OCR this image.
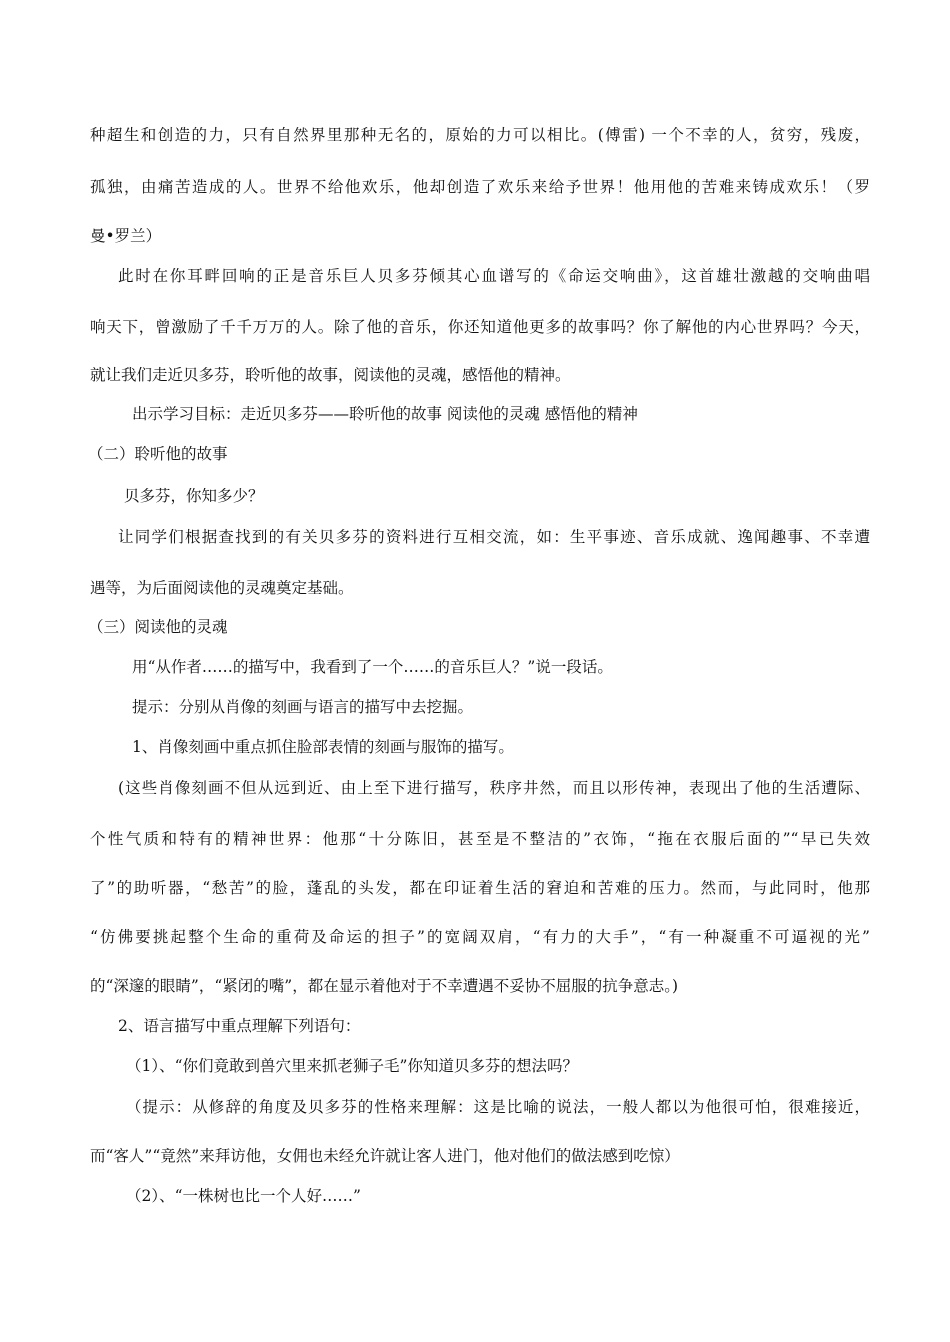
种超生和创造的力，只有自然界里那种无名的，原始的力可以相比。(傅雷) 一个不幸的人，贫穷，残废，
孤独，由痛苦造成的人。世界不给他欢乐，他却创造了欢乐来给予世界！他用他的苦难来铸成欢乐！（罗
曼•罗兰）
此时在你耳畔回响的正是音乐巨人贝多芬倾其心血谱写的《命运交响曲》，这首雄壮激越的交响曲唱
响天下，曾激励了千千万万的人。除了他的音乐，你还知道他更多的故事吗？你了解他的内心世界吗？今天，
就让我们走近贝多芬，聆听他的故事，阅读他的灵魂，感悟他的精神。
出示学习目标：走近贝多芬——聆听他的故事 阅读他的灵魂 感悟他的精神
（二）聆听他的故事
贝多芬，你知多少？
让同学们根据查找到的有关贝多芬的资料进行互相交流，如：生平事迹、音乐成就、逸闻趣事、不幸遭
遇等，为后面阅读他的灵魂奠定基础。
（三）阅读他的灵魂
用“从作者……的描写中，我看到了一个……的音乐巨人？”说一段话。
提示：分别从肖像的刻画与语言的描写中去挖掘。
1、肖像刻画中重点抓住脸部表情的刻画与服饰的描写。
(这些肖像刻画不但从远到近、由上至下进行描写，秩序井然，而且以形传神，表现出了他的生活遭际、
个性气质和特有的精神世界：他那“十分陈旧，甚至是不整洁的”衣饰，“拖在衣服后面的”“早已失效
了”的助听器，“愁苦”的脸，蓬乱的头发，都在印证着生活的窘迫和苦难的压力。然而，与此同时，他那
“仿佛要挑起整个生命的重荷及命运的担子”的宽阔双肩，“有力的大手”，“有一种凝重不可逼视的光”
的“深邃的眼睛”，“紧闭的嘴”，都在显示着他对于不幸遭遇不妥协不屈服的抗争意志。)
2、语言描写中重点理解下列语句：
（1）、“你们竟敢到兽穴里来抓老狮子毛”你知道贝多芬的想法吗？
（提示：从修辞的角度及贝多芬的性格来理解：这是比喻的说法，一般人都以为他很可怕，很难接近，
而“客人”“竟然”来拜访他，女佣也未经允许就让客人进门，他对他们的做法感到吃惊）
（2）、“一株树也比一个人好……”
